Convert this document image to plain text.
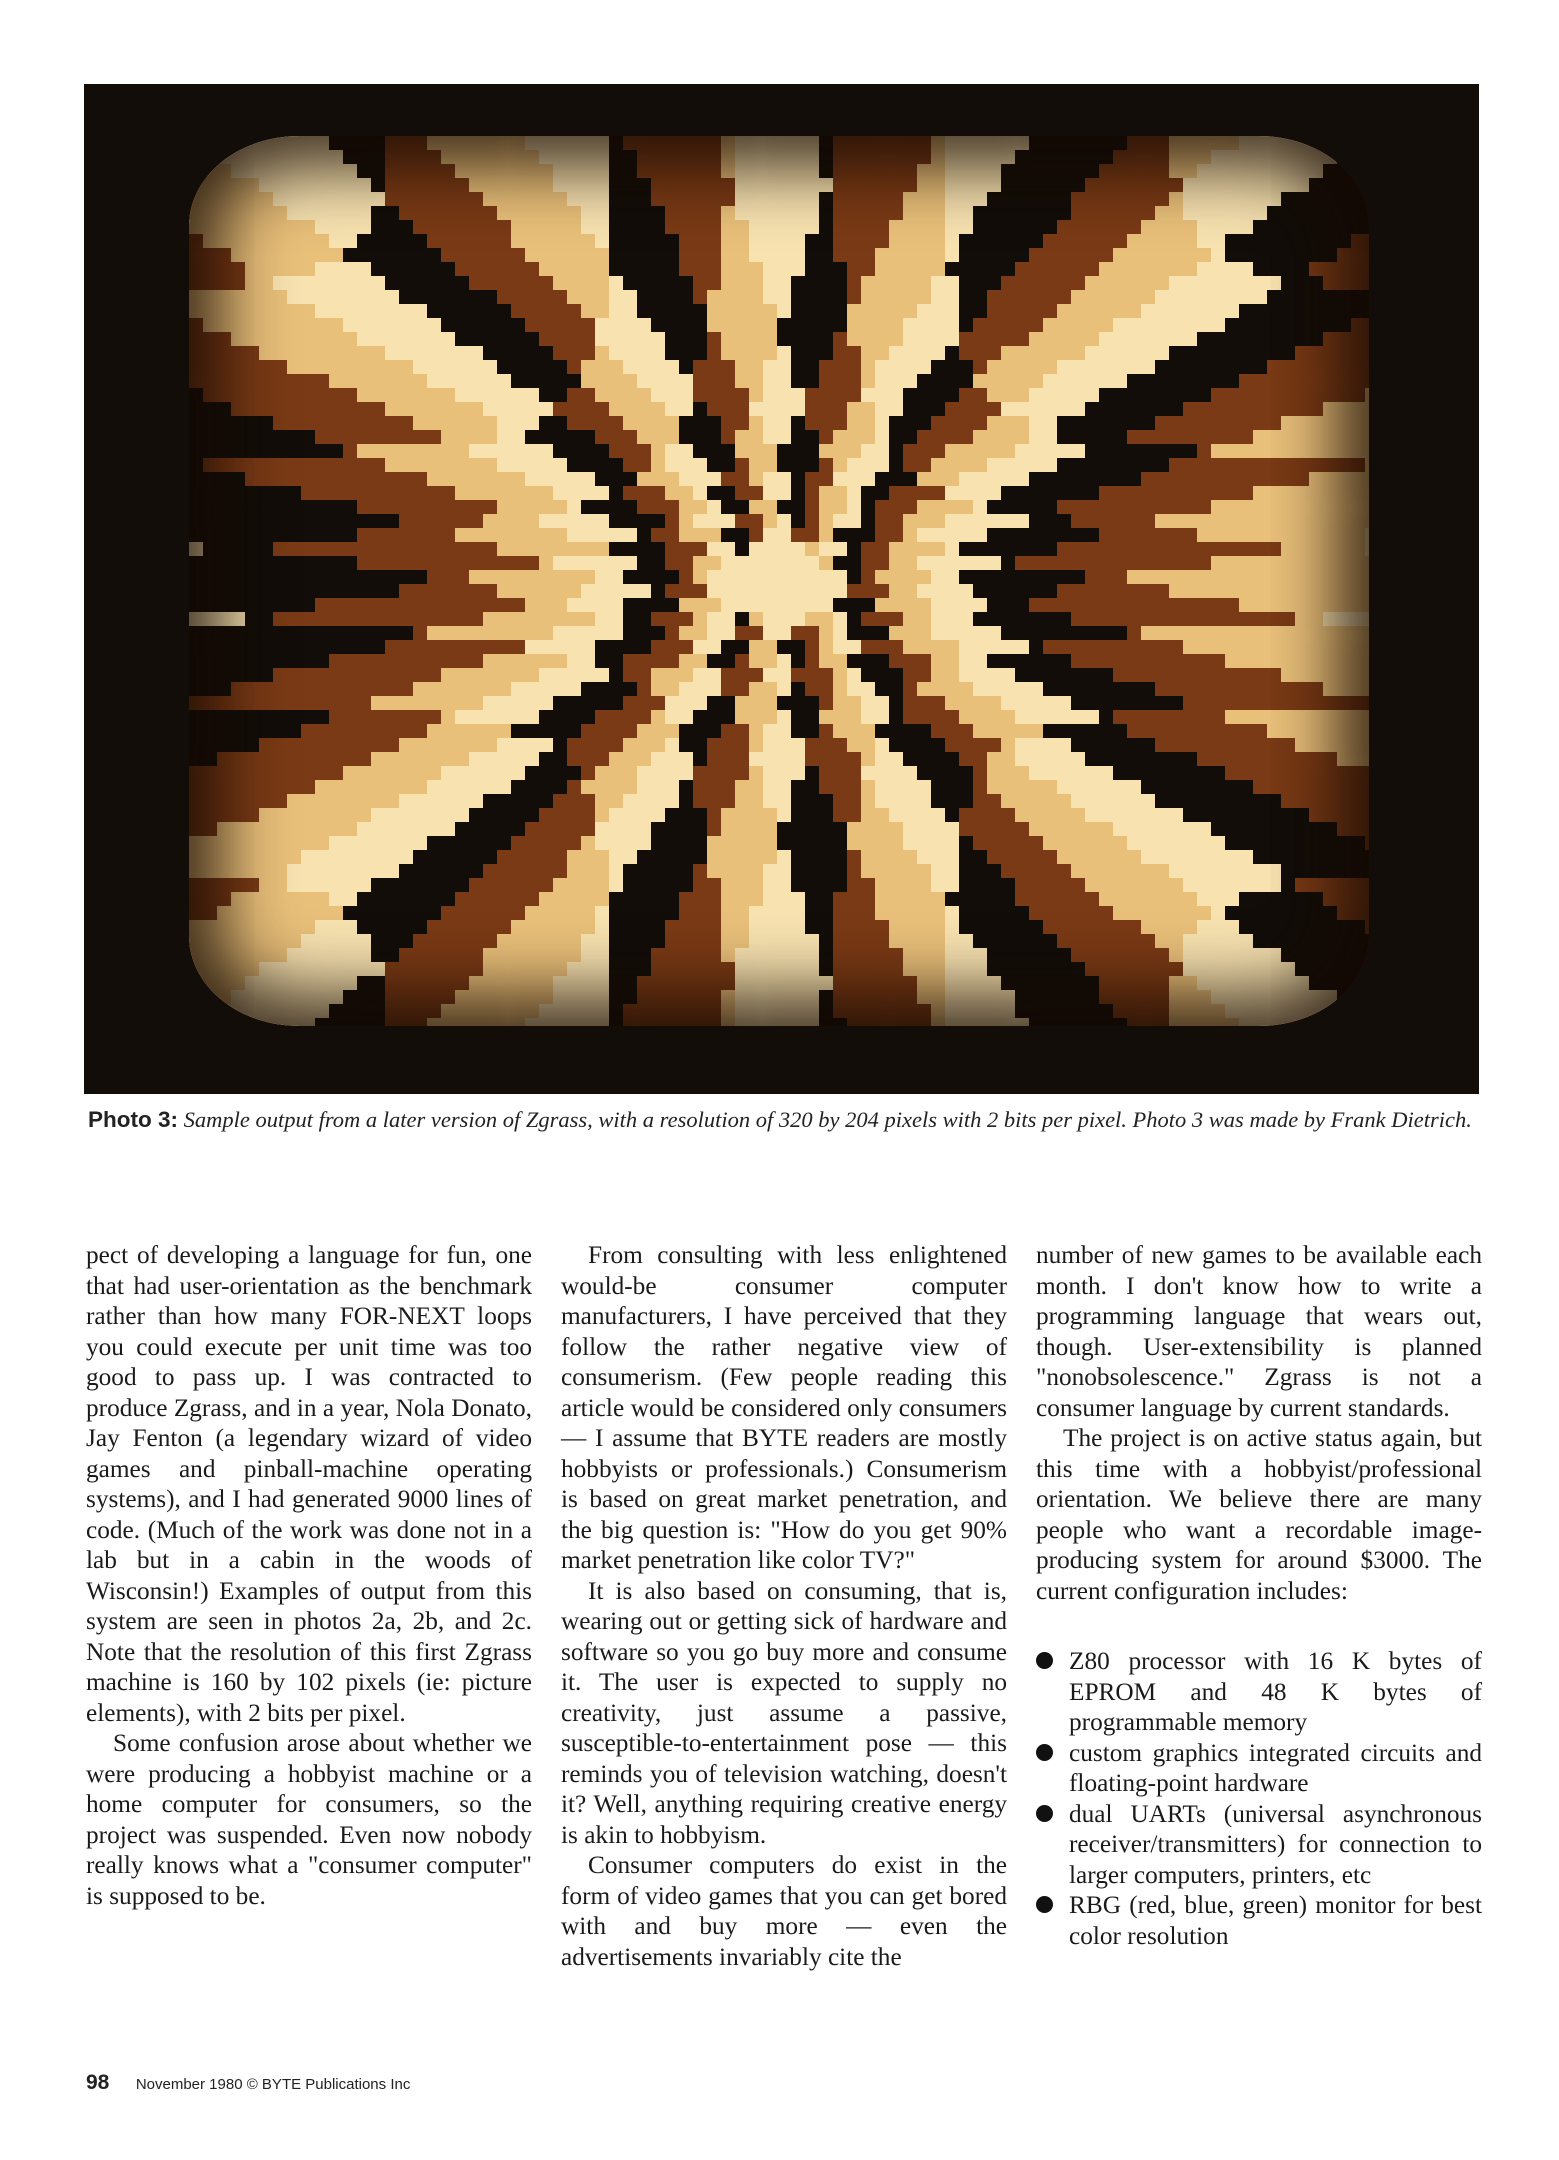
Photo 3: Sample output from a later version of Zgrass, with a resolution of 320 by 204 pixels with 2 bits per pixel. Photo 3 was made by Frank Dietrich.

pect of developing a language for fun, one that had user-orientation as the benchmark rather than how many FOR-NEXT loops you could execute per unit time was too good to pass up. I was contracted to produce Zgrass, and in a year, Nola Donato, Jay Fenton (a legendary wizard of video games and pinball-machine operating systems), and I had generated 9000 lines of code. (Much of the work was done not in a lab but in a cabin in the woods of Wisconsin!) Examples of output from this system are seen in photos 2a, 2b, and 2c. Note that the resolution of this first Zgrass machine is 160 by 102 pixels (ie: picture elements), with 2 bits per pixel.

Some confusion arose about whether we were producing a hobbyist machine or a home computer for consumers, so the project was suspended. Even now nobody really knows what a "consumer computer" is supposed to be.

From consulting with less enlightened would-be consumer computer manufacturers, I have perceived that they follow the rather negative view of consumerism. (Few people reading this article would be considered only consumers — I assume that BYTE readers are mostly hobbyists or professionals.) Consumerism is based on great market penetration, and the big question is: "How do you get 90% market penetration like color TV?"

It is also based on consuming, that is, wearing out or getting sick of hardware and software so you go buy more and consume it. The user is expected to supply no creativity, just assume a passive, susceptible-to-entertainment pose — this reminds you of television watching, doesn't it? Well, anything requiring creative energy is akin to hobbyism.

Consumer computers do exist in the form of video games that you can get bored with and buy more — even the advertisements invariably cite the

number of new games to be available each month. I don't know how to write a programming language that wears out, though. User-extensibility is planned "nonobsolescence." Zgrass is not a consumer language by current standards.

The project is on active status again, but this time with a hobbyist/professional orientation. We believe there are many people who want a recordable image-producing system for around $3000. The current configuration includes:

Z80 processor with 16 K bytes of EPROM and 48 K bytes of programmable memory
custom graphics integrated circuits and floating-point hardware
dual UARTs (universal asynchronous receiver/transmitters) for connection to larger computers, printers, etc
RBG (red, blue, green) monitor for best color resolution
98 November 1980 © BYTE Publications Inc
